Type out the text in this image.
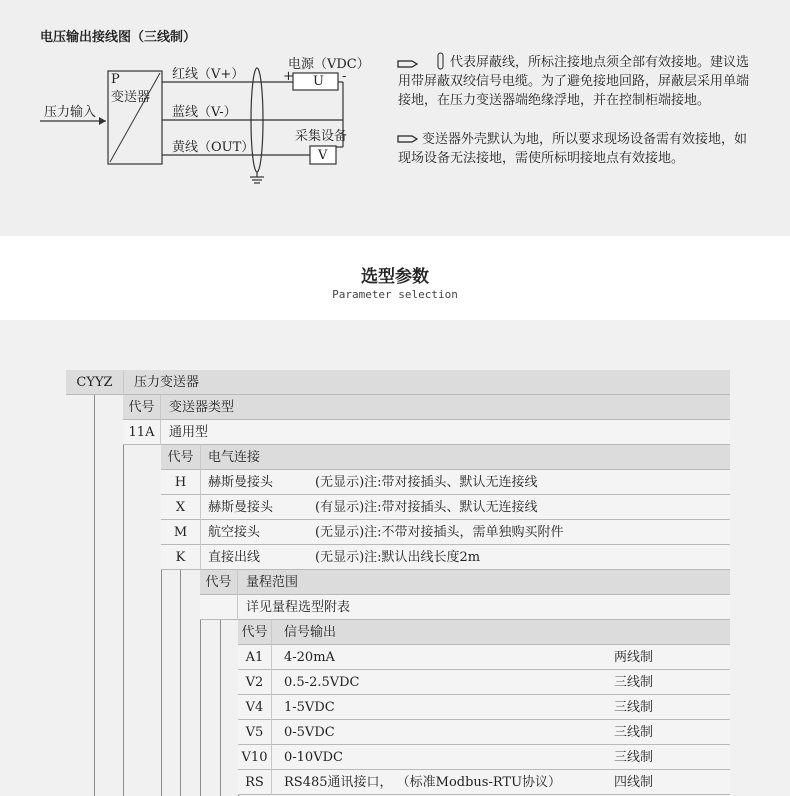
电压输出接线图（三线制）
压力输入
P
变送器
红线（V+）
蓝线（V-）
黄线（OUT）
电源（VDC）
+	-
U
采集设备
V
代表屏蔽线，所标注接地点须全部有效接地。建议选用带屏蔽双绞信号电缆。为了避免接地回路，屏蔽层采用单端接地，在压力变送器端绝缘浮地，并在控制柜端接地。
变送器外壳默认为地，所以要求现场设备需有效接地，如现场设备无法接地，需使所标明接地点有效接地。
选型参数
Parameter selection
CYYZ	压力变送器
代号	变送器类型
11A	通用型
代号	电气连接
H	赫斯曼接头	(无显示)注:带对接插头、默认无连接线
X	赫斯曼接头	(有显示)注:带对接插头、默认无连接线
M	航空接头	(无显示)注:不带对接插头，需单独购买附件
K	直接出线	(无显示)注:默认出线长度2m
代号	量程范围
详见量程选型附表
代号	信号输出
A1	4-20mA	两线制
V2	0.5-2.5VDC	三线制
V4	1-5VDC	三线制
V5	0-5VDC	三线制
V10	0-10VDC	三线制
RS	RS485通讯接口， （标准Modbus-RTU协议）	四线制
